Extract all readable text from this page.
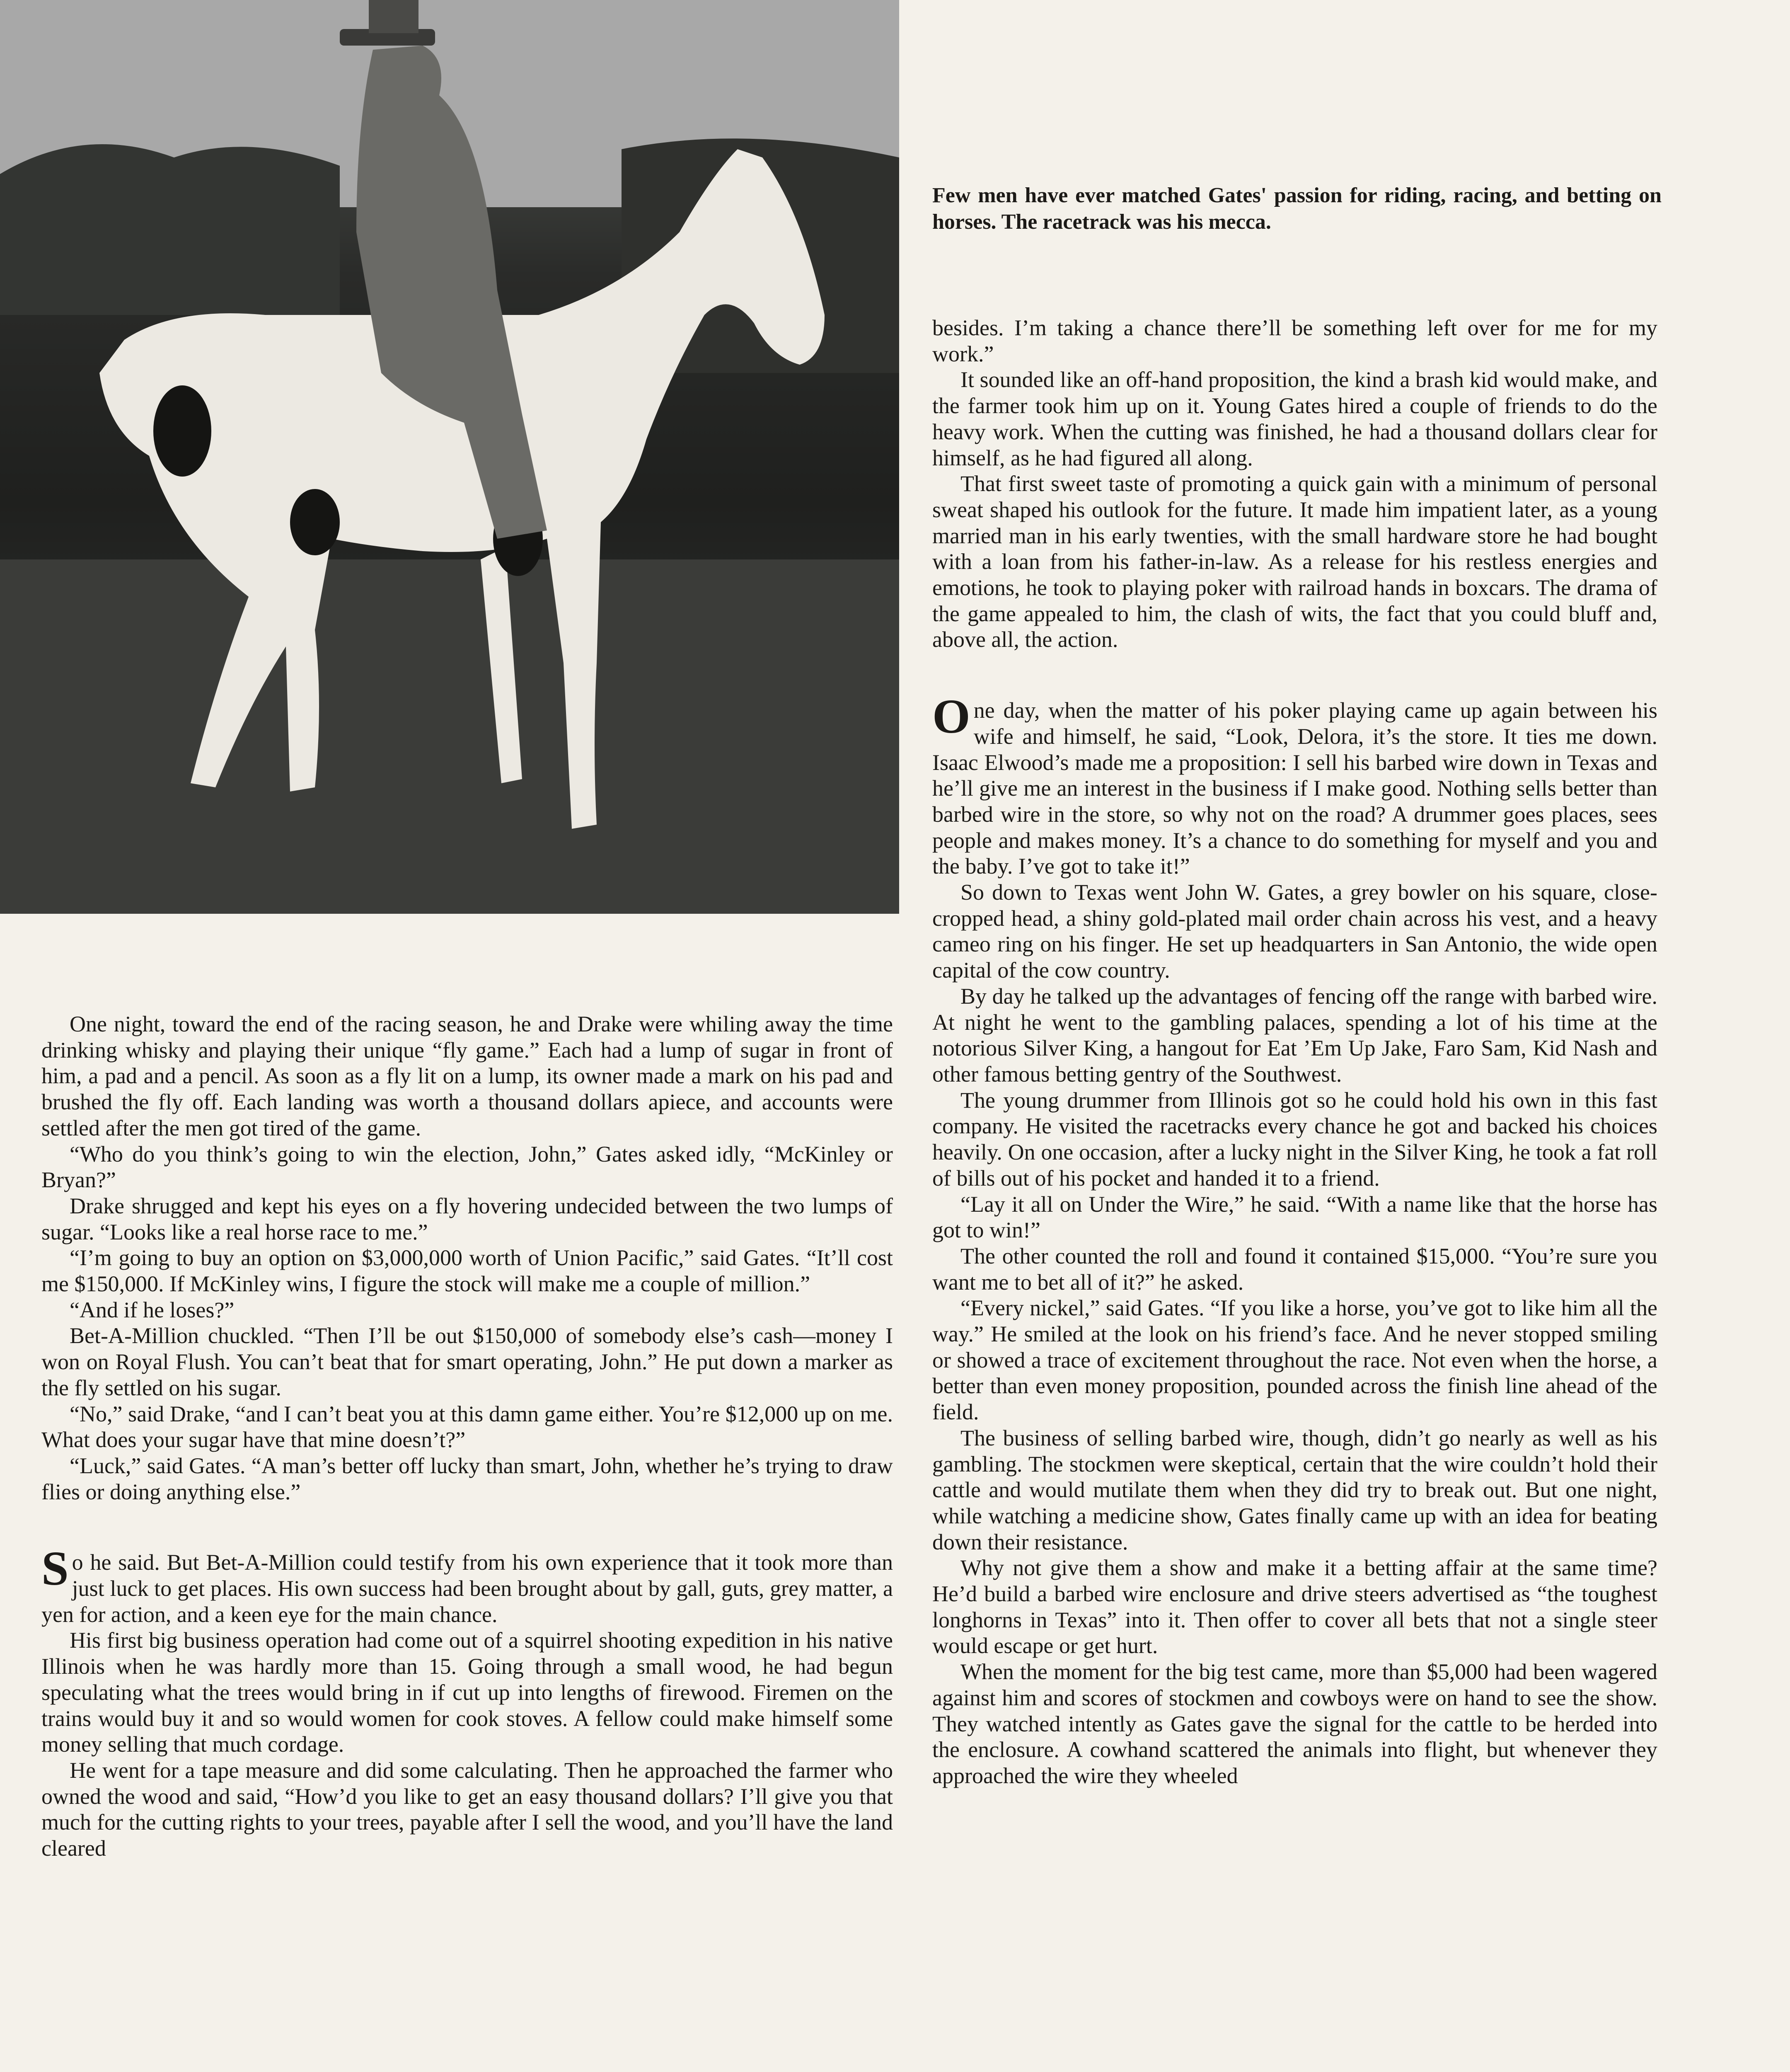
Few men have ever matched Gates' passion for riding, racing, and betting on horses. The racetrack was his mecca.

One night, toward the end of the racing season, he and Drake were whiling away the time drinking whisky and playing their unique “fly game.” Each had a lump of sugar in front of him, a pad and a pencil. As soon as a fly lit on a lump, its owner made a mark on his pad and brushed the fly off. Each landing was worth a thousand dollars apiece, and accounts were settled after the men got tired of the game.

“Who do you think’s going to win the election, John,” Gates asked idly, “McKinley or Bryan?”

Drake shrugged and kept his eyes on a fly hovering undecided between the two lumps of sugar. “Looks like a real horse race to me.”

“I’m going to buy an option on $3,000,000 worth of Union Pacific,” said Gates. “It’ll cost me $150,000. If McKinley wins, I figure the stock will make me a couple of million.”

“And if he loses?”

Bet-A-Million chuckled. “Then I’ll be out $150,000 of somebody else’s cash—money I won on Royal Flush. You can’t beat that for smart operating, John.” He put down a marker as the fly settled on his sugar.

“No,” said Drake, “and I can’t beat you at this damn game either. You’re $12,000 up on me. What does your sugar have that mine doesn’t?”

“Luck,” said Gates. “A man’s better off lucky than smart, John, whether he’s trying to draw flies or doing anything else.”

So he said. But Bet-A-Million could testify from his own experience that it took more than just luck to get places. His own success had been brought about by gall, guts, grey matter, a yen for action, and a keen eye for the main chance.

His first big business operation had come out of a squirrel shooting expedition in his native Illinois when he was hardly more than 15. Going through a small wood, he had begun speculating what the trees would bring in if cut up into lengths of firewood. Firemen on the trains would buy it and so would women for cook stoves. A fellow could make himself some money selling that much cordage.

He went for a tape measure and did some calculating. Then he approached the farmer who owned the wood and said, “How’d you like to get an easy thousand dollars? I’ll give you that much for the cutting rights to your trees, payable after I sell the wood, and you’ll have the land cleared

besides. I’m taking a chance there’ll be something left over for me for my work.”

It sounded like an off-hand proposition, the kind a brash kid would make, and the farmer took him up on it. Young Gates hired a couple of friends to do the heavy work. When the cutting was finished, he had a thousand dollars clear for himself, as he had figured all along.

That first sweet taste of promoting a quick gain with a minimum of personal sweat shaped his outlook for the future. It made him impatient later, as a young married man in his early twenties, with the small hardware store he had bought with a loan from his father-in-law. As a release for his restless energies and emotions, he took to playing poker with railroad hands in boxcars. The drama of the game appealed to him, the clash of wits, the fact that you could bluff and, above all, the action.

One day, when the matter of his poker playing came up again between his wife and himself, he said, “Look, Delora, it’s the store. It ties me down. Isaac Elwood’s made me a proposition: I sell his barbed wire down in Texas and he’ll give me an interest in the business if I make good. Nothing sells better than barbed wire in the store, so why not on the road? A drummer goes places, sees people and makes money. It’s a chance to do something for myself and you and the baby. I’ve got to take it!”

So down to Texas went John W. Gates, a grey bowler on his square, close-cropped head, a shiny gold-plated mail order chain across his vest, and a heavy cameo ring on his finger. He set up headquarters in San Antonio, the wide open capital of the cow country.

By day he talked up the advantages of fencing off the range with barbed wire. At night he went to the gambling palaces, spending a lot of his time at the notorious Silver King, a hangout for Eat ’Em Up Jake, Faro Sam, Kid Nash and other famous betting gentry of the Southwest.

The young drummer from Illinois got so he could hold his own in this fast company. He visited the racetracks every chance he got and backed his choices heavily. On one occasion, after a lucky night in the Silver King, he took a fat roll of bills out of his pocket and handed it to a friend.

“Lay it all on Under the Wire,” he said. “With a name like that the horse has got to win!”

The other counted the roll and found it contained $15,000. “You’re sure you want me to bet all of it?” he asked.

“Every nickel,” said Gates. “If you like a horse, you’ve got to like him all the way.” He smiled at the look on his friend’s face. And he never stopped smiling or showed a trace of excitement throughout the race. Not even when the horse, a better than even money proposition, pounded across the finish line ahead of the field.

The business of selling barbed wire, though, didn’t go nearly as well as his gambling. The stockmen were skeptical, certain that the wire couldn’t hold their cattle and would mutilate them when they did try to break out. But one night, while watching a medicine show, Gates finally came up with an idea for beating down their resistance.

Why not give them a show and make it a betting affair at the same time? He’d build a barbed wire enclosure and drive steers advertised as “the toughest longhorns in Texas” into it. Then offer to cover all bets that not a single steer would escape or get hurt.

When the moment for the big test came, more than $5,000 had been wagered against him and scores of stockmen and cowboys were on hand to see the show. They watched intently as Gates gave the signal for the cattle to be herded into the enclosure. A cowhand scattered the animals into flight, but whenever they approached the wire they wheeled
